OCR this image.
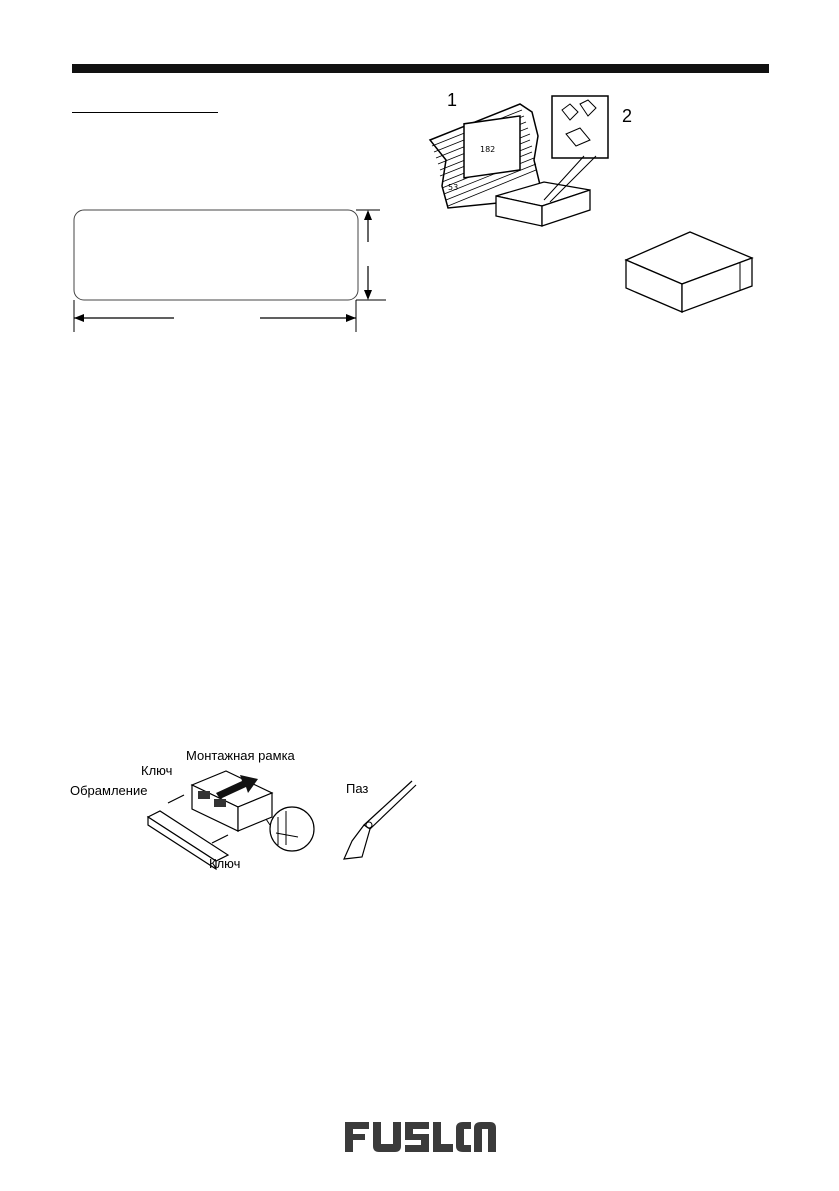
182
53
1
2
Монтажная рамка
Ключ
Обрамление
Ключ
Паз
